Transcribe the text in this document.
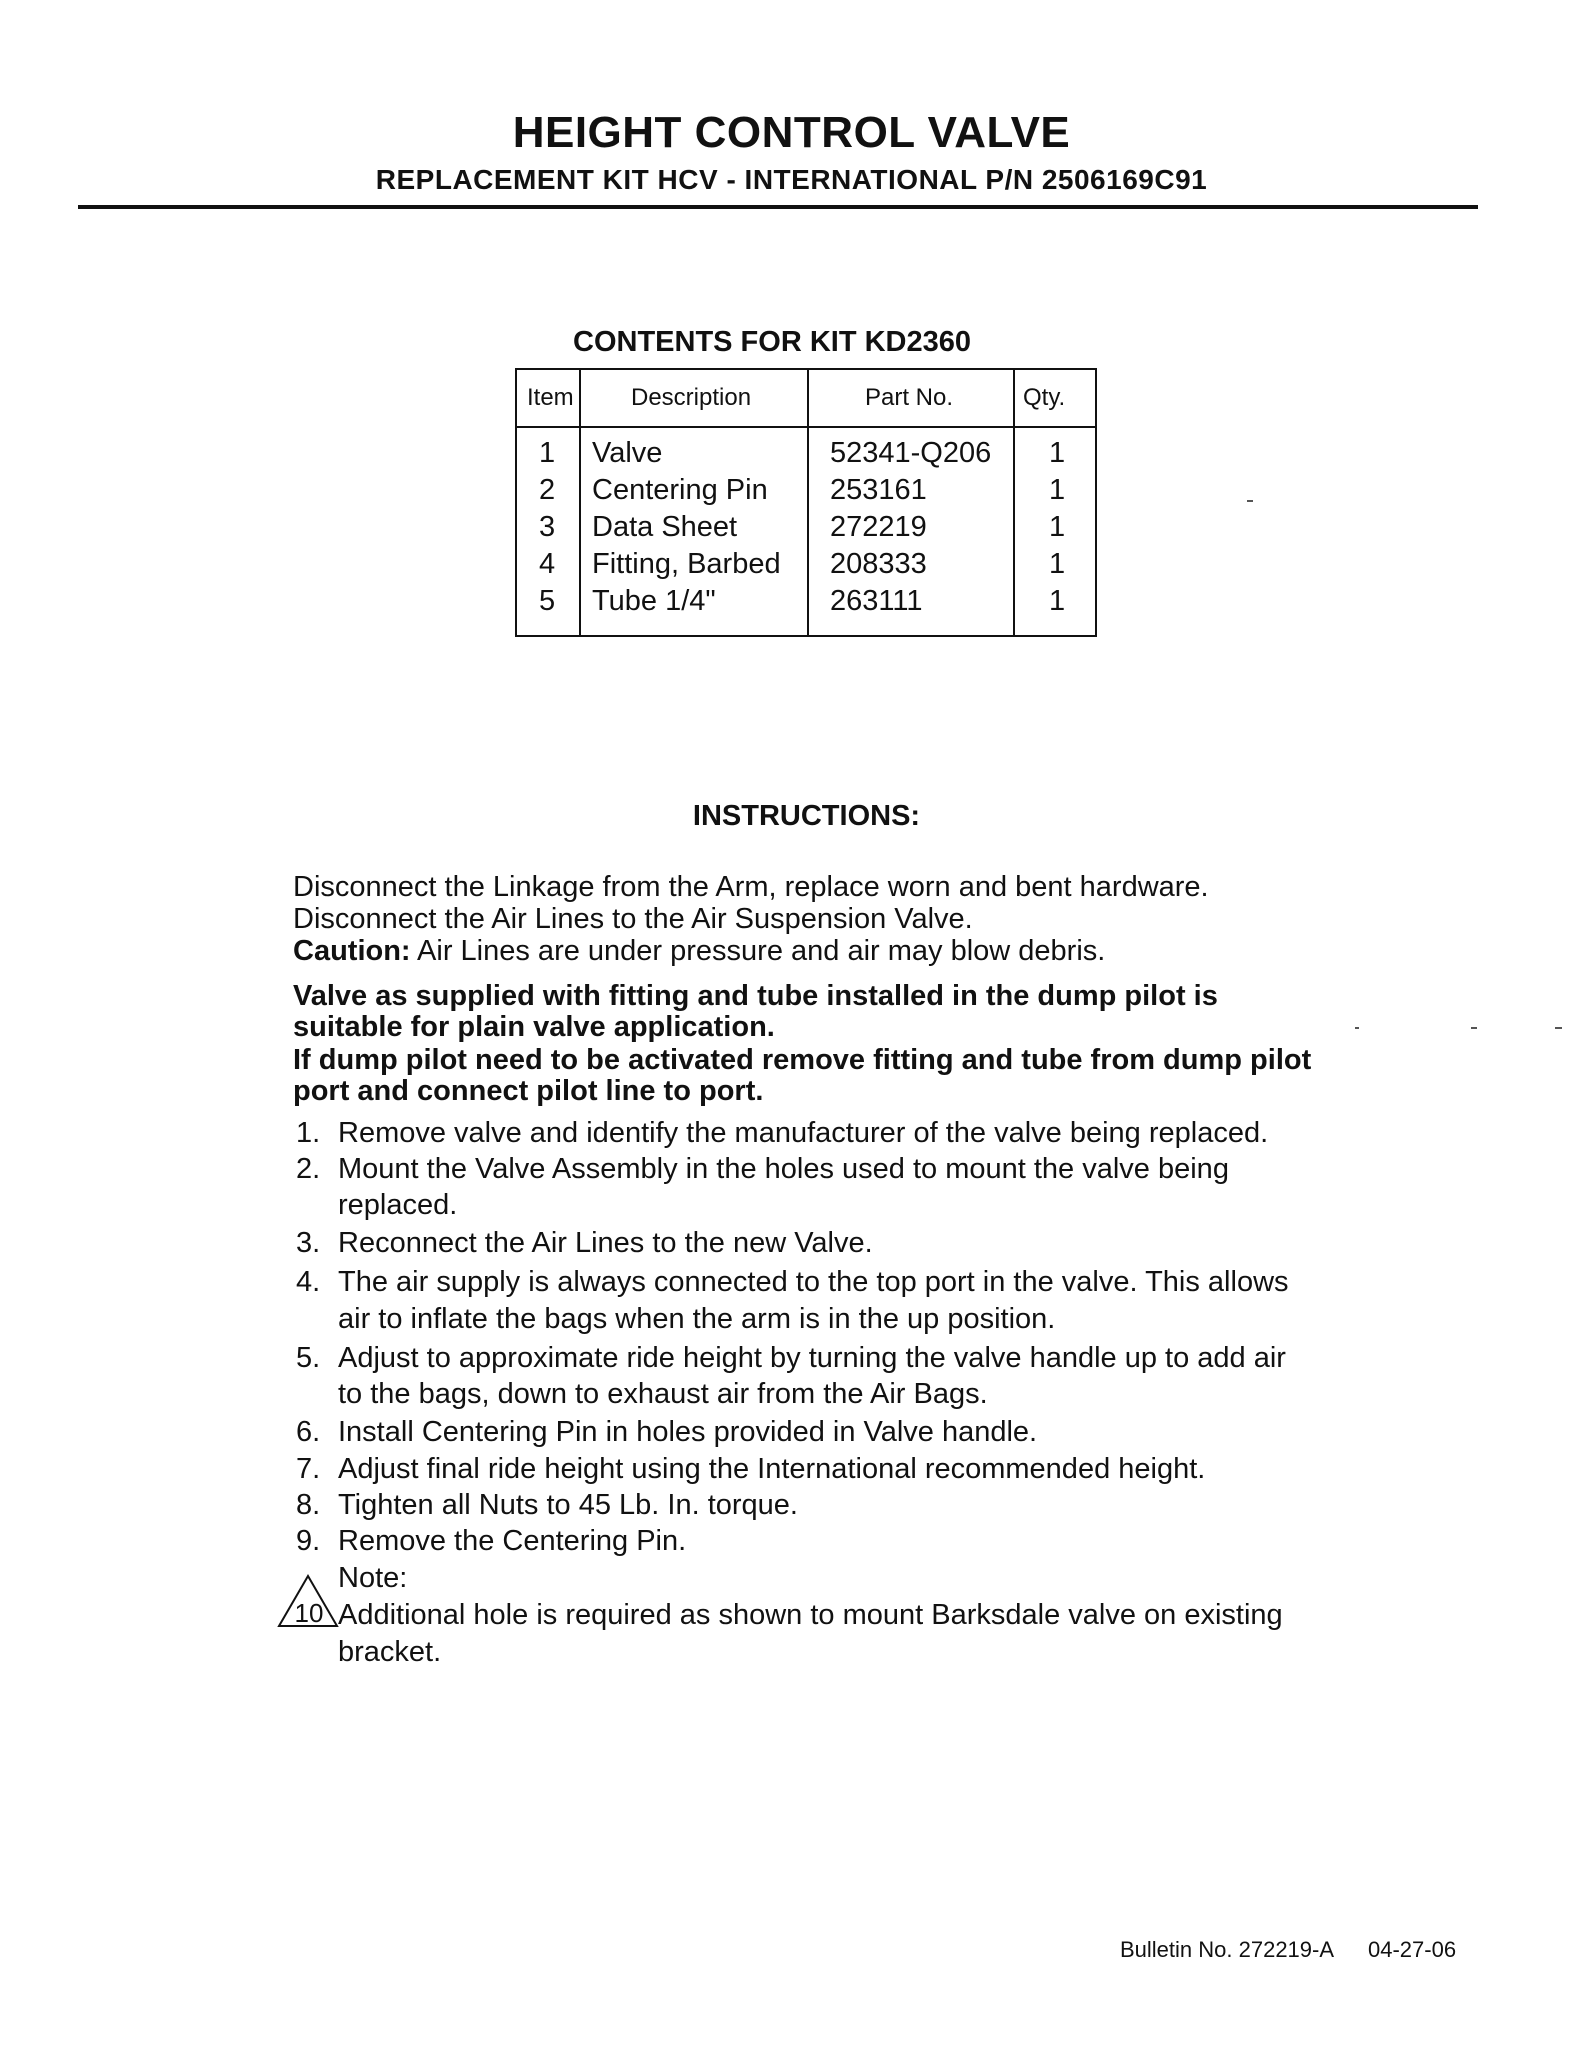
HEIGHT CONTROL VALVE
REPLACEMENT KIT HCV - INTERNATIONAL P/N 2506169C91
CONTENTS FOR KIT KD2360
Item Description	Part No.	Qty.
1 Valve	52341-Q206 1
2 Centering Pin 253161	1
3 Data Sheet	272219	1
4 Fitting, Barbed 208333	1
5 Tube 1/4"	263111	1
INSTRUCTIONS:
Disconnect the Linkage from the Arm, replace worn and bent hardware.
Disconnect the Air Lines to the Air Suspension Valve.
Caution: Air Lines are under pressure and air may blow debris.
Valve as supplied with fitting and tube installed in the dump pilot is
suitable for plain valve application.
If dump pilot need to be activated remove fitting and tube from dump pilot
port and connect pilot line to port.
1. Remove valve and identify the manufacturer of the valve being replaced.
2. Mount the Valve Assembly in the holes used to mount the valve being
replaced.
3. Reconnect the Air Lines to the new Valve.
4. The air supply is always connected to the top port in the valve. This allows
air to inflate the bags when the arm is in the up position.
5. Adjust to approximate ride height by turning the valve handle up to add air
to the bags, down to exhaust air from the Air Bags.
6. Install Centering Pin in holes provided in Valve handle.
7. Adjust final ride height using the International recommended height.
8. Tighten all Nuts to 45 Lb. In. torque.
9. Remove the Centering Pin.
Note:
Additional hole is required as shown to mount Barksdale valve on existing
bracket.
10
Bulletin No. 272219-A 04-27-06
